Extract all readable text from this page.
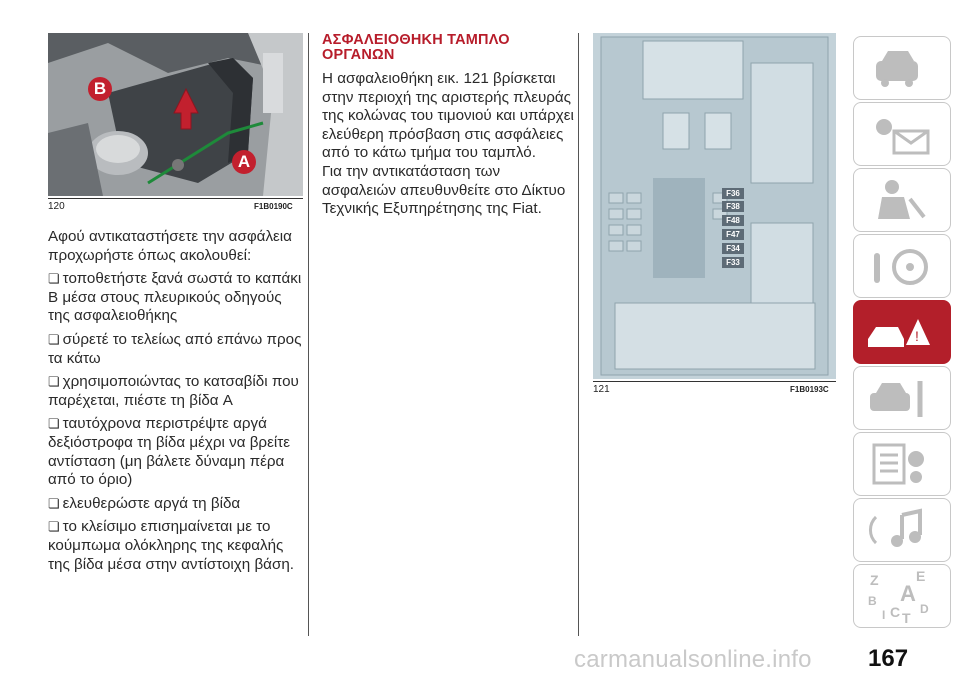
B
A
120	F1B0190C

Αφού αντικαταστήσετε την ασφάλεια προχωρήστε όπως ακολουθεί:

❏ τοποθετήστε ξανά σωστά το καπάκι B μέσα στους πλευρικούς οδηγούς της ασφαλειοθήκης

❏ σύρετέ το τελείως από επάνω προς τα κάτω

❏ χρησιμοποιώντας το κατσαβίδι που παρέχεται, πιέστε τη βίδα A

❏ ταυτόχρονα περιστρέψτε αργά δεξιόστροφα τη βίδα μέχρι να βρείτε αντίσταση (μη βάλετε δύναμη πέρα από το όριο)

❏ ελευθερώστε αργά τη βίδα

❏ το κλείσιμο επισημαίνεται με το κούμπωμα ολόκληρης της κεφαλής της βίδα μέσα στην αντίστοιχη βάση.

ΑΣΦΑΛΕΙΟΘΗΚΗ ΤΑΜΠΛΟ
ΟΡΓΑΝΩΝ

Η ασφαλειοθήκη εικ. 121 βρίσκεται στην περιοχή της αριστερής πλευράς της κολώνας του τιμονιού και υπάρχει ελεύθερη πρόσβαση στις ασφάλειες από το κάτω τμήμα του ταμπλό.

Για την αντικατάσταση των ασφαλειών απευθυνθείτε στο Δίκτυο Τεχνικής Εξυπηρέτησης της Fiat.

F36
F38
F48
F47
F34
F33
121	F1B0193C
!
Z	E
B A
I C T
D
carmanualsonline.info 167
